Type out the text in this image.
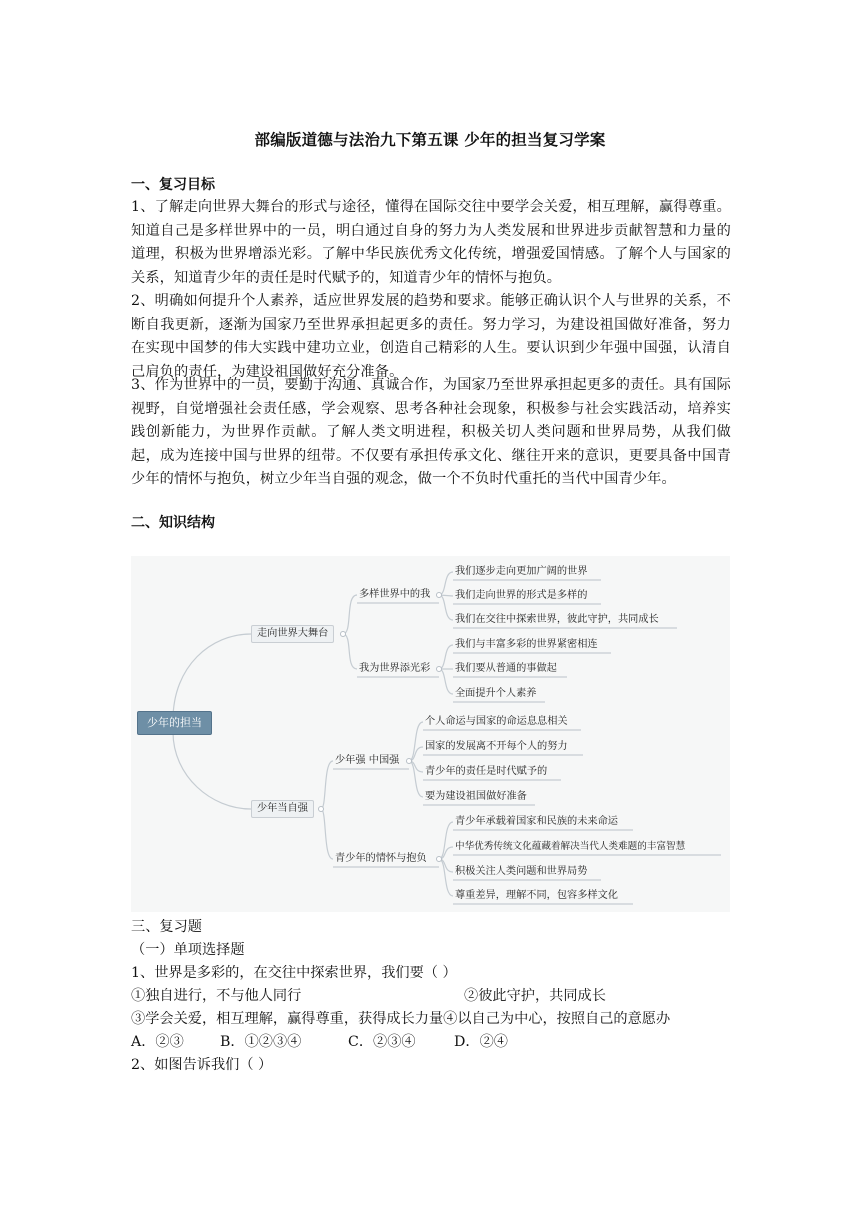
部编版道德与法治九下第五课 少年的担当复习学案
一、复习目标
1、了解走向世界大舞台的形式与途径，懂得在国际交往中要学会关爱，相互理解，赢得尊重。知道自己是多样世界中的一员，明白通过自身的努力为人类发展和世界进步贡献智慧和力量的道理，积极为世界增添光彩。了解中华民族优秀文化传统，增强爱国情感。了解个人与国家的关系，知道青少年的责任是时代赋予的，知道青少年的情怀与抱负。
2、明确如何提升个人素养，适应世界发展的趋势和要求。能够正确认识个人与世界的关系，不断自我更新，逐渐为国家乃至世界承担起更多的责任。努力学习，为建设祖国做好准备，努力在实现中国梦的伟大实践中建功立业，创造自己精彩的人生。要认识到少年强中国强，认清自己肩负的责任，为建设祖国做好充分准备。
3、作为世界中的一员，要勤于沟通、真诚合作，为国家乃至世界承担起更多的责任。具有国际视野，自觉增强社会责任感，学会观察、思考各种社会现象，积极参与社会实践活动，培养实践创新能力，为世界作贡献。了解人类文明进程，积极关切人类问题和世界局势，从我们做起，成为连接中国与世界的纽带。不仅要有承担传承文化、继往开来的意识，更要具备中国青少年的情怀与抱负，树立少年当自强的观念，做一个不负时代重托的当代中国青少年。
二、知识结构
少年的担当
走向世界大舞台
少年当自强
多样世界中的我
我为世界添光彩
少年强 中国强
青少年的情怀与抱负
我们逐步走向更加广阔的世界
我们走向世界的形式是多样的
我们在交往中探索世界，彼此守护，共同成长
我们与丰富多彩的世界紧密相连
我们要从普通的事做起
全面提升个人素养
个人命运与国家的命运息息相关
国家的发展离不开每个人的努力
青少年的责任是时代赋予的
要为建设祖国做好准备
青少年承载着国家和民族的未来命运
中华优秀传统文化蕴藏着解决当代人类难题的丰富智慧
积极关注人类问题和世界局势
尊重差异，理解不同，包容多样文化
三、复习题
（一）单项选择题
1、世界是多彩的，在交往中探索世界，我们要（ ）
①独自进行，不与他人同行	②彼此守护，共同成长
③学会关爱，相互理解，赢得尊重，获得成长力量④以自己为中心，按照自己的意愿办
A．②③	B．①②③④	C．②③④	D．②④
2、如图告诉我们（ ）
